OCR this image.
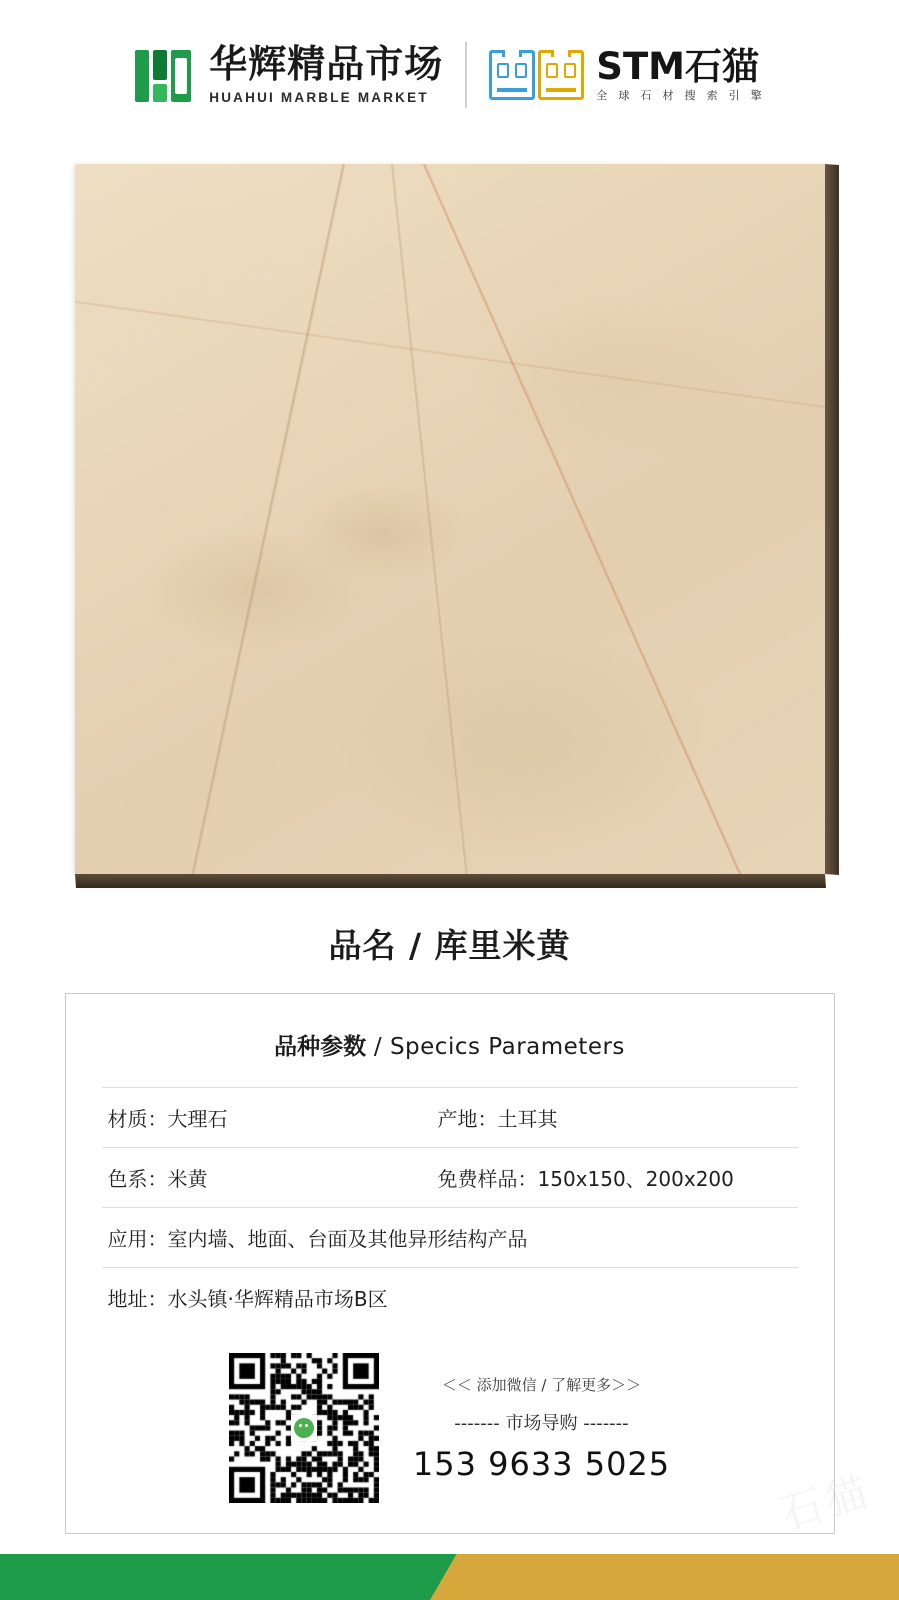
华辉精品市场
HUAHUI MARBLE MARKET
STM石猫
全 球 石 材 搜 索 引 擎
品名 / 库里米黄
品种参数 / Specics Parameters
材质：大理石	产地：土耳其
色系：米黄	免费样品：150x150、200x200
应用：室内墙、地面、台面及其他异形结构产品
地址：水头镇·华辉精品市场B区
＜＜ 添加微信 / 了解更多＞＞
------- 市场导购 -------
153 9633 5025
